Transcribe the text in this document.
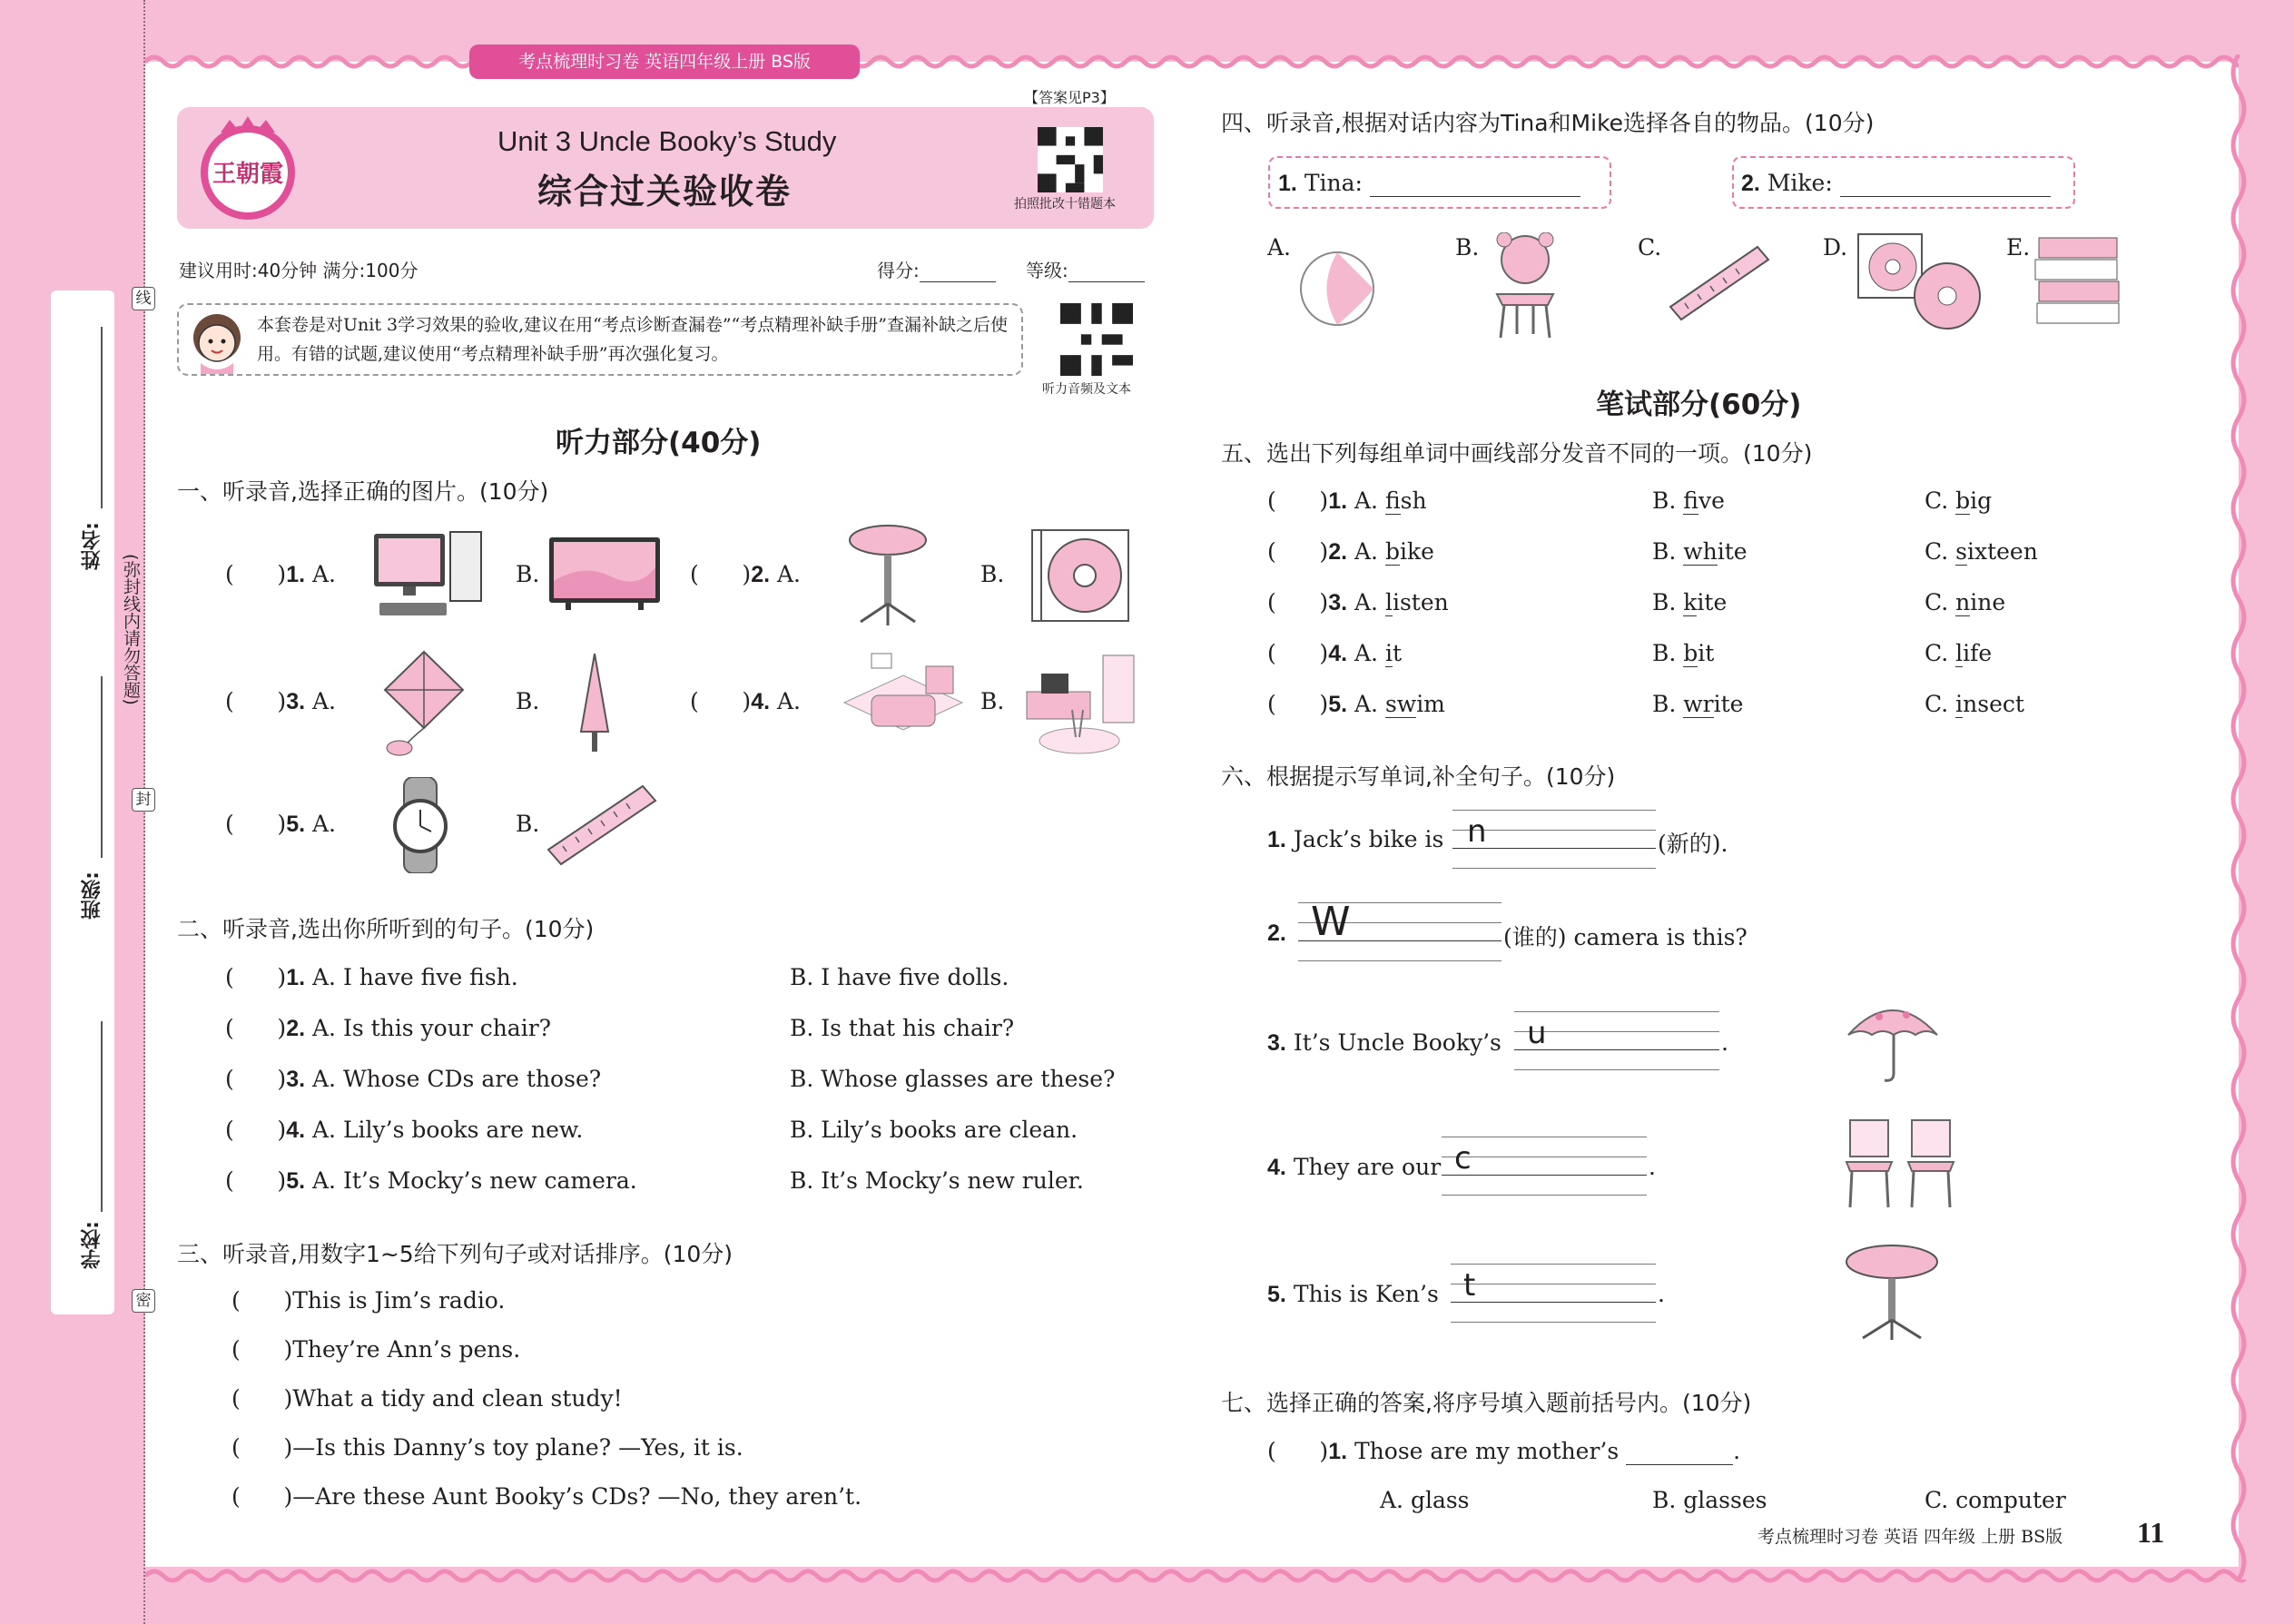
姓名:
班级:
学校:
线
封
密
(弥封线内请勿答题)
考点梳理时习卷 英语四年级上册 BS版
【答案见P3】
王朝霞
Unit 3 Uncle Booky’s Study
综合过关验收卷	拍照批改十错题本
听力音频及文本
建议用时:40分钟 满分:100分	得分:	等级:
本套卷是对Unit 3学习效果的验收,建议在用“考点诊断查漏卷”“考点精理补缺手册”查漏补缺之后使用。有错的试题,建议使用“考点精理补缺手册”再次强化复习。
听力部分(40分)
一、听录音,选择正确的图片。(10分)
(      )1. A.	B.	(      )2. A.	B.
(      )3. A.	B.	(      )4. A.	B.
(      )5. A.	B.
二、听录音,选出你所听到的句子。(10分)
(      )1. A. I have five fish.	B. I have five dolls.
(      )2. A. Is this your chair?	B. Is that his chair?
(      )3. A. Whose CDs are those?	B. Whose glasses are these?
(      )4. A. Lily’s books are new.	B. Lily’s books are clean.
(      )5. A. It’s Mocky’s new camera.	B. It’s Mocky’s new ruler.
三、听录音,用数字1~5给下列句子或对话排序。(10分)
(      )This is Jim’s radio.
(      )They’re Ann’s pens.
(      )What a tidy and clean study!
(      )—Is this Danny’s toy plane? —Yes, it is.
(      )—Are these Aunt Booky’s CDs? —No, they aren’t.
四、听录音,根据对话内容为Tina和Mike选择各自的物品。(10分)
1. Tina:	2. Mike:
A.	B.	C.	D.	E.
笔试部分(60分)
五、选出下列每组单词中画线部分发音不同的一项。(10分)
(      )1. A. fish	B. five	C. big
(      )2. A. bike	B. white	C. sixteen
(      )3. A. listen	B. kite	C. nine
(      )4. A. it	B. bit	C. life
(      )5. A. swim	B. write	C. insect
六、根据提示写单词,补全句子。(10分)
1. Jack’s bike is n	(新的).
2. W	(谁的) camera is this?
3. It’s Uncle Booky’s u	.
4. They are our c	.
5. This is Ken’s t	.
七、选择正确的答案,将序号填入题前括号内。(10分)
(      )1. Those are my mother’s	.
A. glass	B. glasses	C. computer
考点梳理时习卷 英语 四年级 上册 BS版	11
